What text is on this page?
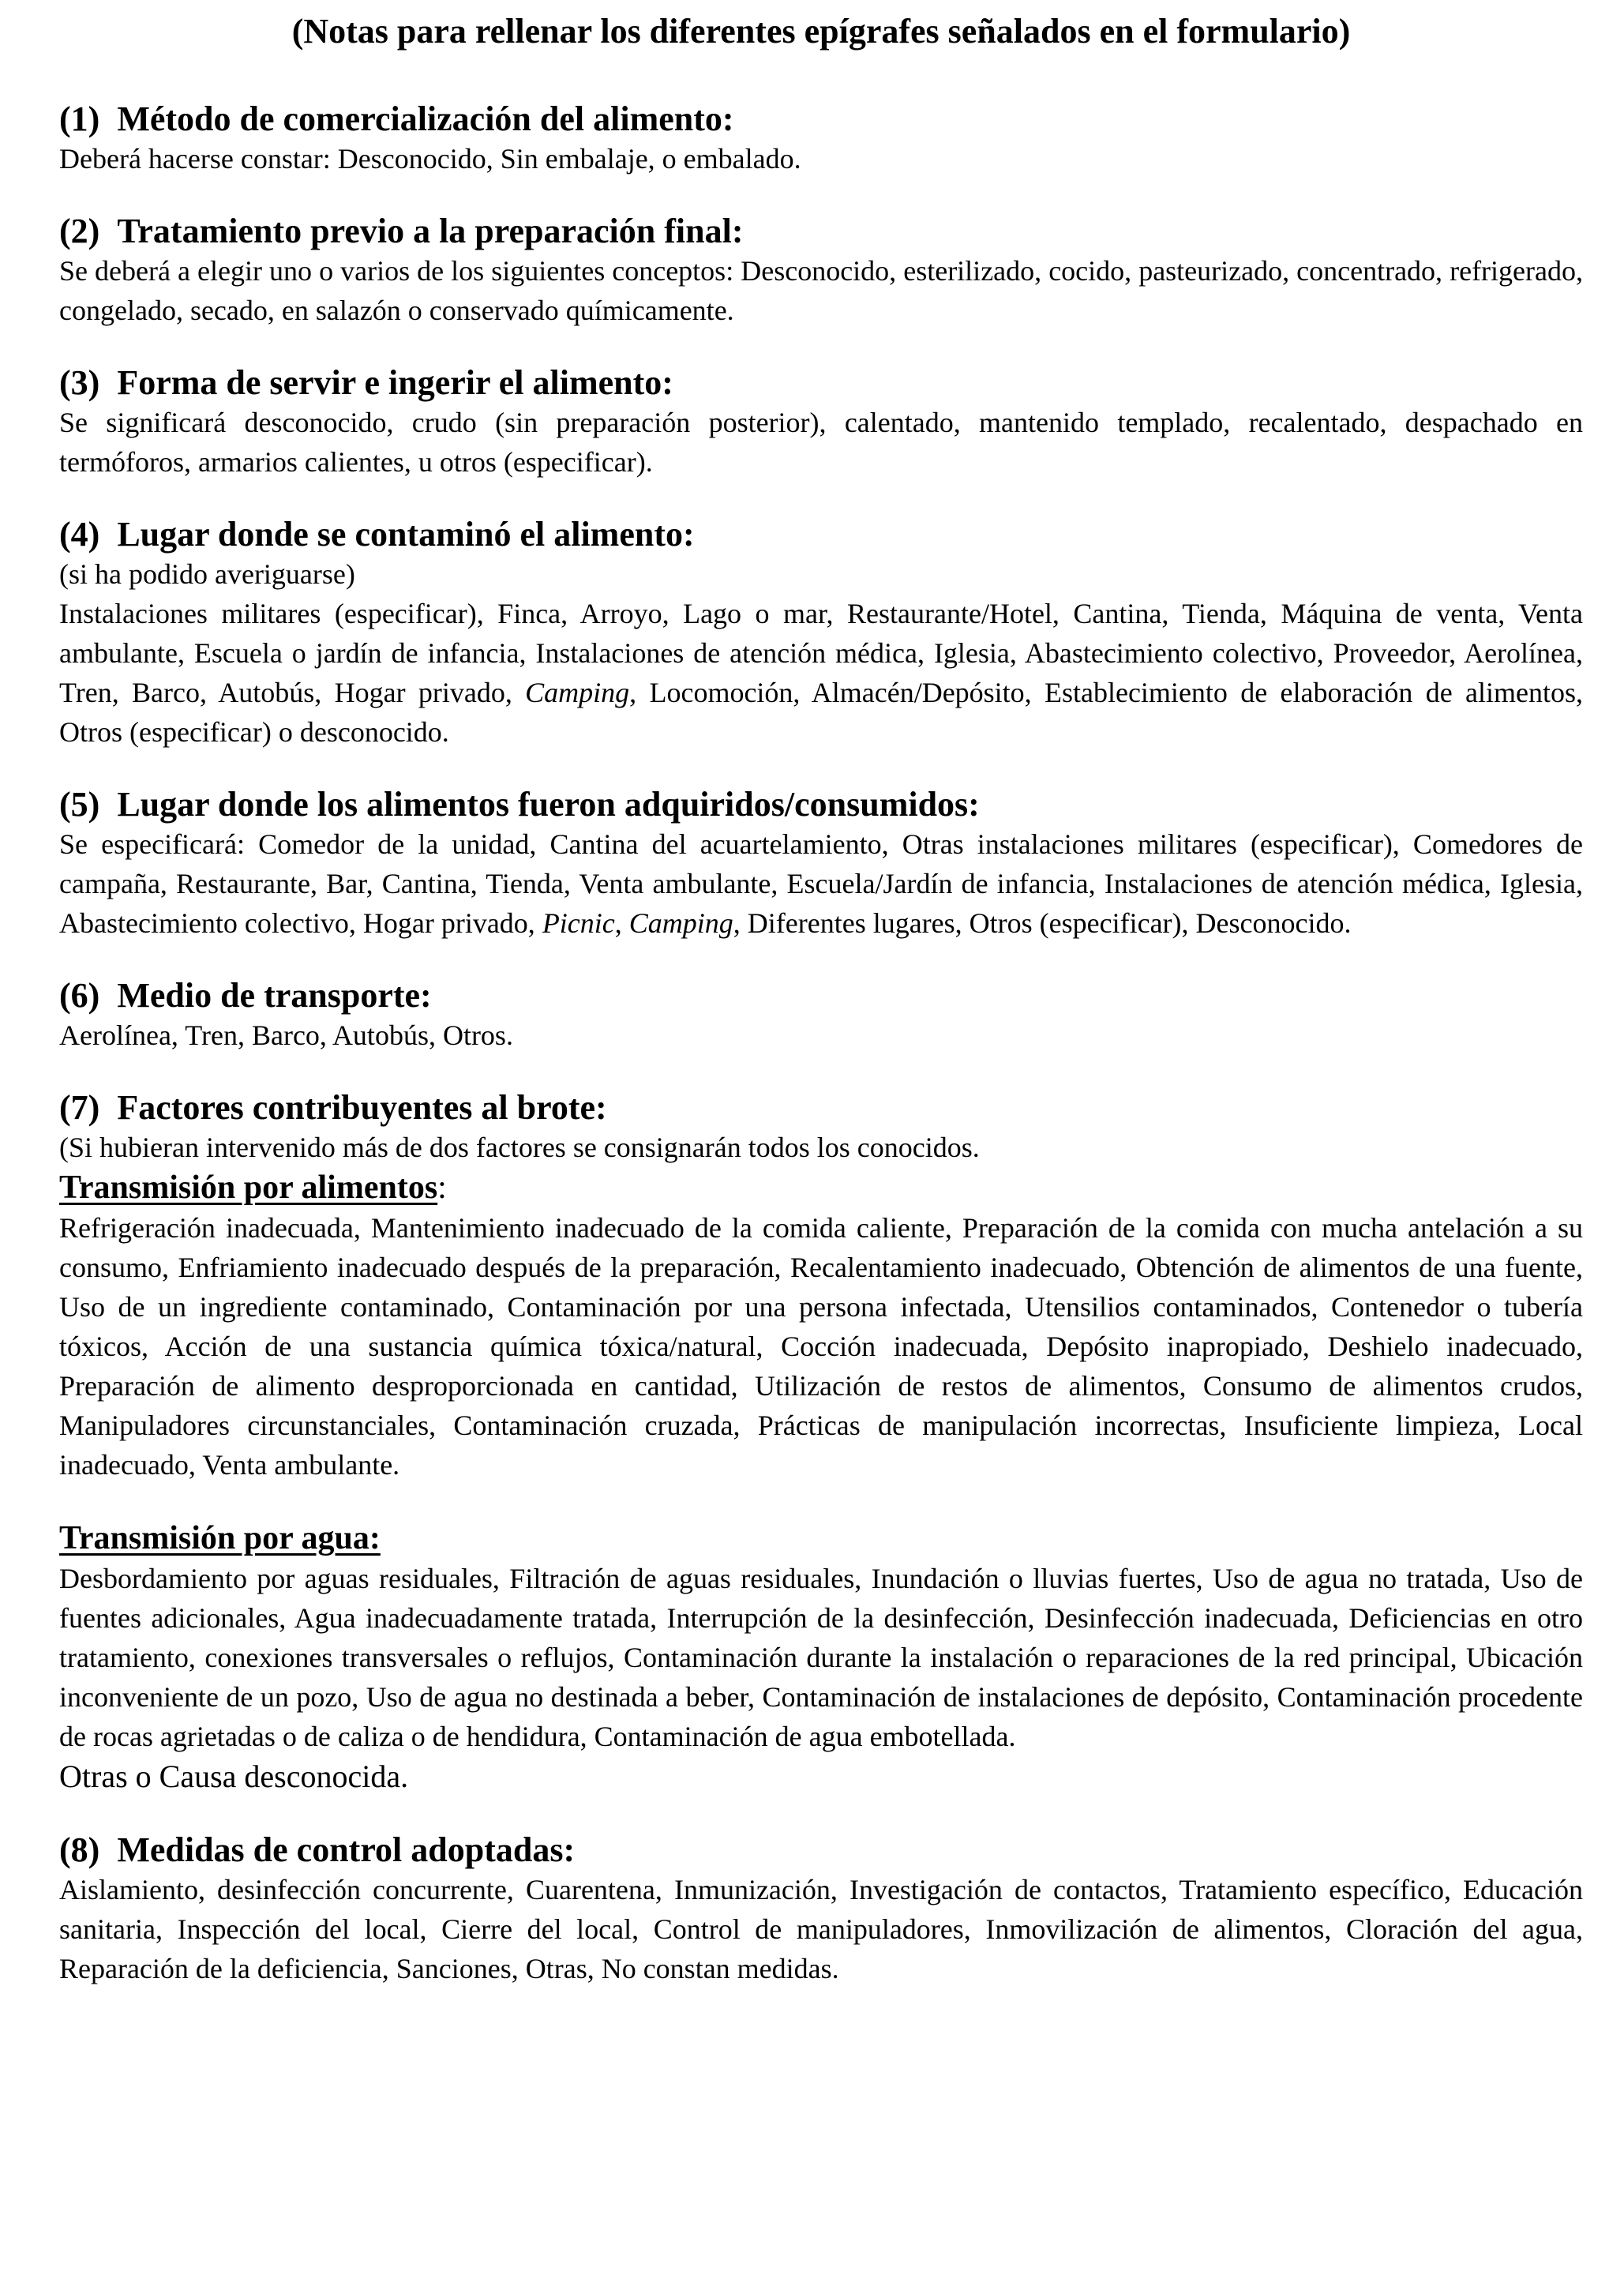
(Notas para rellenar los diferentes epígrafes señalados en el formulario)
(1) Método de comercialización del alimento:

Deberá hacerse constar: Desconocido, Sin embalaje, o embalado.

(2) Tratamiento previo a la preparación final:

Se deberá a elegir uno o varios de los siguientes conceptos: Desconocido, esterilizado, cocido, pasteurizado, concentrado, refrigerado, congelado, secado, en salazón o conservado químicamente.

(3) Forma de servir e ingerir el alimento:

Se significará desconocido, crudo (sin preparación posterior), calentado, mantenido templado, recalentado, despachado en termóforos, armarios calientes, u otros (especificar).

(4) Lugar donde se contaminó el alimento:

(si ha podido averiguarse)

Instalaciones militares (especificar), Finca, Arroyo, Lago o mar, Restaurante/Hotel, Cantina, Tienda, Máquina de venta, Venta ambulante, Escuela o jardín de infancia, Instalaciones de atención médica, Iglesia, Abastecimiento colectivo, Proveedor, Aerolínea, Tren, Barco, Autobús, Hogar privado, Camping, Locomoción, Almacén/Depósito, Establecimiento de elaboración de alimentos, Otros (especificar) o desconocido.

(5) Lugar donde los alimentos fueron adquiridos/consumidos:

Se especificará: Comedor de la unidad, Cantina del acuartelamiento, Otras instalaciones militares (especificar), Comedores de campaña, Restaurante, Bar, Cantina, Tienda, Venta ambulante, Escuela/Jardín de infancia, Instalaciones de atención médica, Iglesia, Abastecimiento colectivo, Hogar privado, Picnic, Camping, Diferentes lugares, Otros (especificar), Desconocido.

(6) Medio de transporte:

Aerolínea, Tren, Barco, Autobús, Otros.

(7) Factores contribuyentes al brote:

(Si hubieran intervenido más de dos factores se consignarán todos los conocidos.

Transmisión por alimentos:

Refrigeración inadecuada, Mantenimiento inadecuado de la comida caliente, Preparación de la comida con mucha antelación a su consumo, Enfriamiento inadecuado después de la preparación, Recalentamiento inadecuado, Obtención de alimentos de una fuente, Uso de un ingrediente contaminado, Contaminación por una persona infectada, Utensilios contaminados, Contenedor o tubería tóxicos, Acción de una sustancia química tóxica/natural, Cocción inadecuada, Depósito inapropiado, Deshielo inadecuado, Preparación de alimento desproporcionada en cantidad, Utilización de restos de alimentos, Consumo de alimentos crudos, Manipuladores circunstanciales, Contaminación cruzada, Prácticas de manipulación incorrectas, Insuficiente limpieza, Local inadecuado, Venta ambulante.

Transmisión por agua:

Desbordamiento por aguas residuales, Filtración de aguas residuales, Inundación o lluvias fuertes, Uso de agua no tratada, Uso de fuentes adicionales, Agua inadecuadamente tratada, Interrupción de la desinfección, Desinfección inadecuada, Deficiencias en otro tratamiento, conexiones transversales o reflujos, Contaminación durante la instalación o reparaciones de la red principal, Ubicación inconveniente de un pozo, Uso de agua no destinada a beber, Contaminación de instalaciones de depósito, Contaminación procedente de rocas agrietadas o de caliza o de hendidura, Contaminación de agua embotellada.

Otras o Causa desconocida.

(8) Medidas de control adoptadas:

Aislamiento, desinfección concurrente, Cuarentena, Inmunización, Investigación de contactos, Tratamiento específico, Educación sanitaria, Inspección del local, Cierre del local, Control de manipuladores, Inmovilización de alimentos, Cloración del agua, Reparación de la deficiencia, Sanciones, Otras, No constan medidas.
